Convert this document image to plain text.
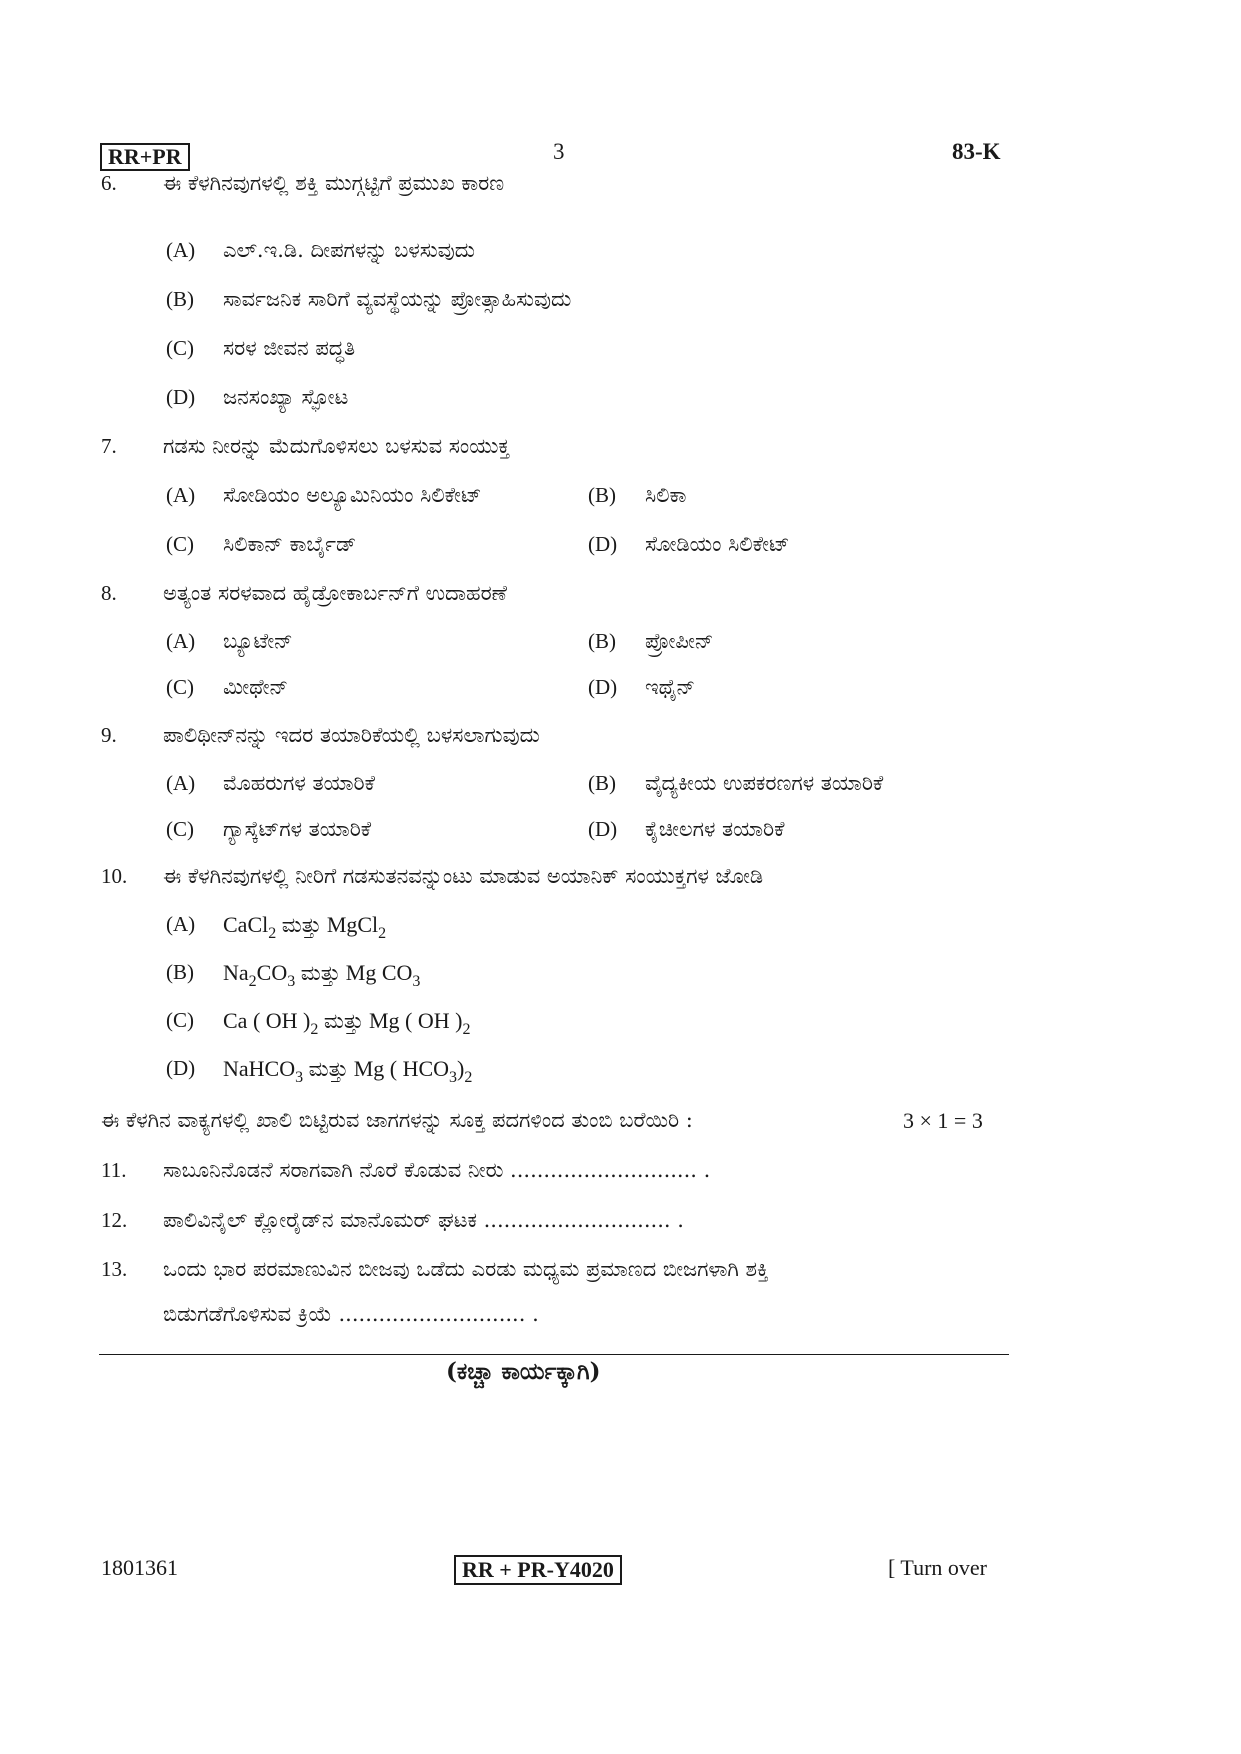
RR+PR	3	83-K
6. ಈ ಕೆಳಗಿನವುಗಳಲ್ಲಿ ಶಕ್ತಿ ಮುಗ್ಗಟ್ಟಿಗೆ ಪ್ರಮುಖ ಕಾರಣ
(A) ಎಲ್.ಇ.ಡಿ. ದೀಪಗಳನ್ನು ಬಳಸುವುದು
(B) ಸಾರ್ವಜನಿಕ ಸಾರಿಗೆ ವ್ಯವಸ್ಥೆಯನ್ನು ಪ್ರೋತ್ಸಾಹಿಸುವುದು
(C) ಸರಳ ಜೀವನ ಪದ್ಧತಿ
(D) ಜನಸಂಖ್ಯಾ ಸ್ಫೋಟ
7. ಗಡಸು ನೀರನ್ನು ಮೆದುಗೊಳಿಸಲು ಬಳಸುವ ಸಂಯುಕ್ತ
(A) ಸೋಡಿಯಂ ಅಲ್ಯೂಮಿನಿಯಂ ಸಿಲಿಕೇಟ್	(B) ಸಿಲಿಕಾ
(C) ಸಿಲಿಕಾನ್ ಕಾರ್ಬೈಡ್	(D) ಸೋಡಿಯಂ ಸಿಲಿಕೇಟ್
8. ಅತ್ಯಂತ ಸರಳವಾದ ಹೈಡ್ರೋಕಾರ್ಬನ್‌ಗೆ ಉದಾಹರಣೆ
(A) ಬ್ಯೂಟೇನ್	(B) ಪ್ರೋಪೀನ್
(C) ಮೀಥೇನ್	(D) ಇಥೈನ್
9. ಪಾಲಿಥೀನ್‌ನನ್ನು ಇದರ ತಯಾರಿಕೆಯಲ್ಲಿ ಬಳಸಲಾಗುವುದು
(A) ಮೊಹರುಗಳ ತಯಾರಿಕೆ	(B) ವೈದ್ಯಕೀಯ ಉಪಕರಣಗಳ ತಯಾರಿಕೆ
(C) ಗ್ಯಾಸ್ಕೆಟ್‌ಗಳ ತಯಾರಿಕೆ	(D) ಕೈಚೀಲಗಳ ತಯಾರಿಕೆ
10. ಈ ಕೆಳಗಿನವುಗಳಲ್ಲಿ ನೀರಿಗೆ ಗಡಸುತನವನ್ನುಂಟು ಮಾಡುವ ಅಯಾನಿಕ್ ಸಂಯುಕ್ತಗಳ ಜೋಡಿ
(A) CaCl$_2$ ಮತ್ತು MgCl$_2$
(B) $Na_2CO_3$ ಮತ್ತು Mg $CO_3$
(C) Ca ( OH )$_2$ ಮತ್ತು Mg ( OH )$_2$
(D) NaHCO$_3$ ಮತ್ತು Mg ( $HCO_3)_2$
ಈ ಕೆಳಗಿನ ವಾಕ್ಯಗಳಲ್ಲಿ ಖಾಲಿ ಬಿಟ್ಟಿರುವ ಜಾಗಗಳನ್ನು ಸೂಕ್ತ ಪದಗಳಿಂದ ತುಂಬಿ ಬರೆಯಿರಿ :	3 × 1 = 3
11. ಸಾಬೂನಿನೊಡನೆ ಸರಾಗವಾಗಿ ನೊರೆ ಕೊಡುವ ನೀರು ............................ .
12. ಪಾಲಿವಿನೈಲ್ ಕ್ಲೋರೈಡ್‌ನ ಮಾನೊಮರ್ ಘಟಕ ............................ .
13. ಒಂದು ಭಾರ ಪರಮಾಣುವಿನ ಬೀಜವು ಒಡೆದು ಎರಡು ಮಧ್ಯಮ ಪ್ರಮಾಣದ ಬೀಜಗಳಾಗಿ ಶಕ್ತಿ
ಬಿಡುಗಡೆಗೊಳಿಸುವ ಕ್ರಿಯೆ ............................ .
(ಕಚ್ಚಾ ಕಾರ್ಯಕ್ಕಾಗಿ)
1801361	RR + PR-Y4020	[ Turn over
